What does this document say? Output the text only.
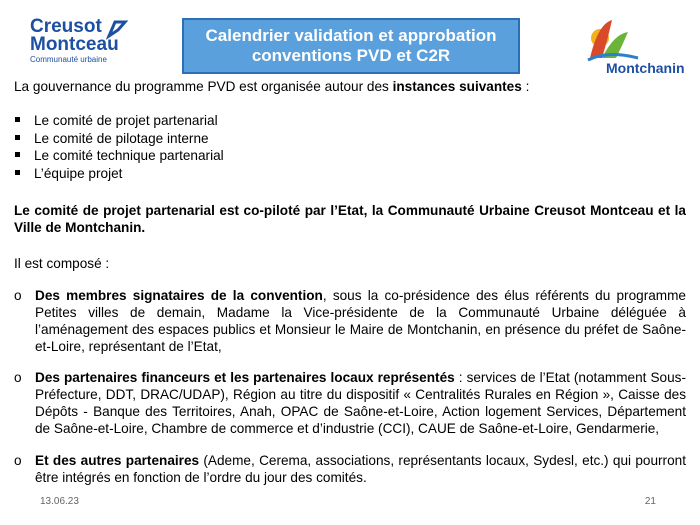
Creusot
Montceau
Communauté urbaine
Calendrier validation et approbation
conventions PVD et C2R
Montchanin

La gouvernance du programme PVD est organisée autour des instances suivantes :

Le comité de projet partenarial
Le comité de pilotage interne
Le comité technique partenarial
L’équipe projet

Le comité de projet partenarial est co-piloté par l’Etat, la Communauté Urbaine Creusot Montceau et la Ville de Montchanin.

Il est composé :

o Des membres signataires de la convention, sous la co-présidence des élus référents du programme Petites villes de demain, Madame la Vice-présidente de la Communauté Urbaine déléguée à l’aménagement des espaces publics et Monsieur le Maire de Montchanin, en présence du préfet de Saône-et-Loire, représentant de l’Etat,
o Des partenaires financeurs et les partenaires locaux représentés : services de l’Etat (notamment Sous-Préfecture, DDT, DRAC/UDAP), Région au titre du dispositif « Centralités Rurales en Région », Caisse des Dépôts - Banque des Territoires, Anah, OPAC de Saône-et-Loire, Action logement Services, Département de Saône-et-Loire, Chambre de commerce et d’industrie (CCI), CAUE de Saône-et-Loire, Gendarmerie,
o Et des autres partenaires (Ademe, Cerema, associations, représentants locaux, Sydesl, etc.) qui pourront être intégrés en fonction de l’ordre du jour des comités.
13.06.23	21
